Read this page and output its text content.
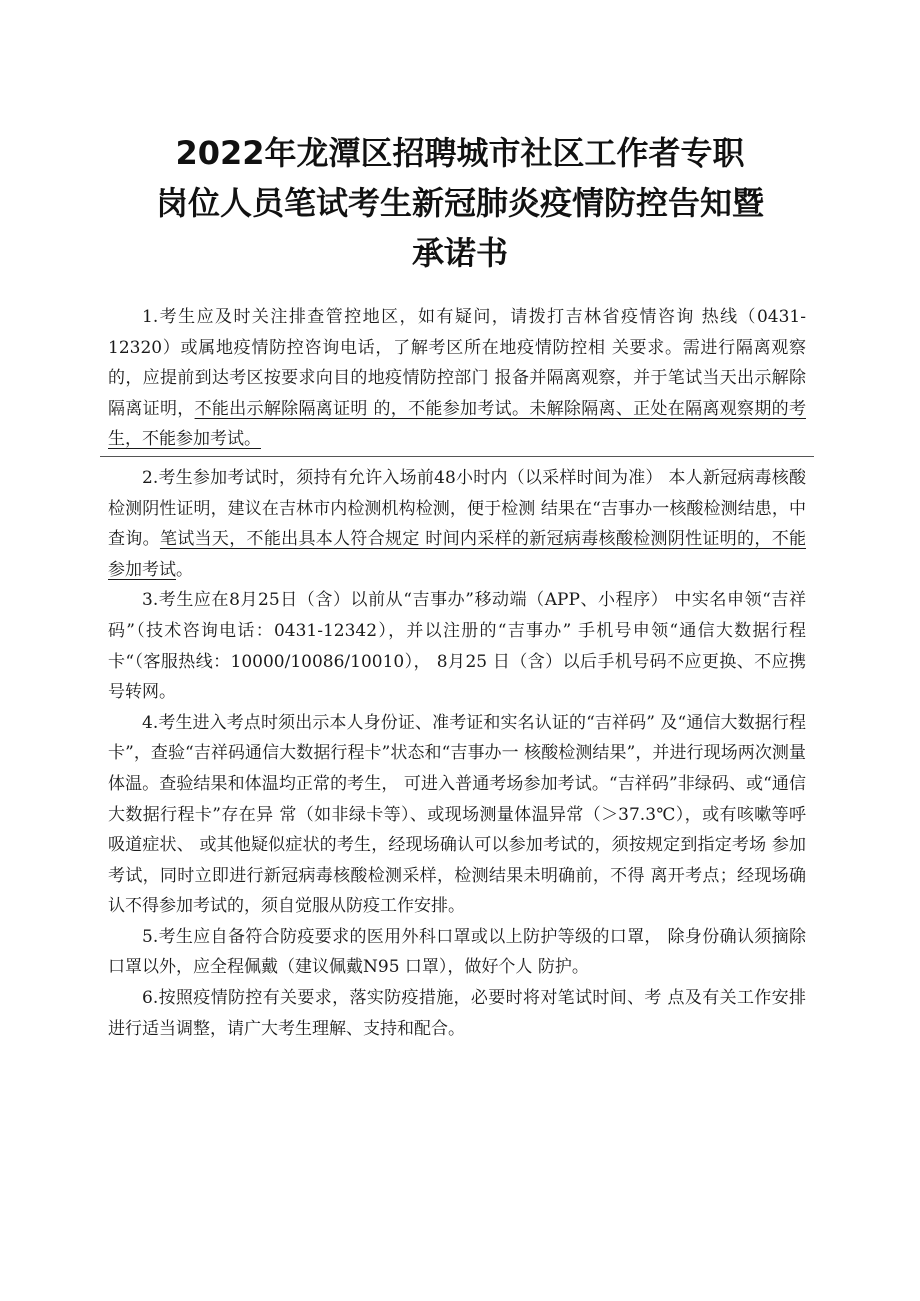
2022年龙潭区招聘城市社区工作者专职
岗位人员笔试考生新冠肺炎疫情防控告知暨
承诺书

1.考生应及时关注排查管控地区，如有疑问，请拨打吉林省疫情咨询 热线（0431-12320）或属地疫情防控咨询电话，了解考区所在地疫情防控相 关要求。需进行隔离观察的，应提前到达考区按要求向目的地疫情防控部门 报备并隔离观察，并于笔试当天出示解除隔离证明，不能出示解除隔离证明 的，不能参加考试。未解除隔离、正处在隔离观察期的考生，不能参加考试。

2.考生参加考试时，须持有允许入场前48小时内（以采样时间为准） 本人新冠病毒核酸检测阴性证明，建议在吉林市内检测机构检测，便于检测 结果在“吉事办一核酸检测结患，中查询。笔试当天，不能出具本人符合规定 时间内采样的新冠病毒核酸检测阴性证明的，不能参加考试。

3.考生应在8月25日（含）以前从“吉事办”移动端（APP、小程序） 中实名申领“吉祥码”（技术咨询电话：0431-12342），并以注册的“吉事办” 手机号申领“通信大数据行程卡“（客服热线：10000/10086/10010）， 8月25 日（含）以后手机号码不应更换、不应携号转网。

4.考生进入考点时须出示本人身份证、准考证和实名认证的“吉祥码” 及“通信大数据行程卡”，查验“吉祥码通信大数据行程卡”状态和“吉事办一 核酸检测结果”，并进行现场两次测量体温。查验结果和体温均正常的考生， 可进入普通考场参加考试。“吉祥码”非绿码、或“通信大数据行程卡”存在异 常（如非绿卡等）、或现场测量体温异常（＞37.3℃），或有咳嗽等呼吸道症状、 或其他疑似症状的考生，经现场确认可以参加考试的，须按规定到指定考场 参加考试，同时立即进行新冠病毒核酸检测采样，检测结果未明确前，不得 离开考点；经现场确认不得参加考试的，须自觉服从防疫工作安排。

5.考生应自备符合防疫要求的医用外科口罩或以上防护等级的口罩， 除身份确认须摘除口罩以外，应全程佩戴（建议佩戴N95 口罩），做好个人 防护。

6.按照疫情防控有关要求，落实防疫措施，必要时将对笔试时间、考 点及有关工作安排进行适当调整，请广大考生理解、支持和配合。
